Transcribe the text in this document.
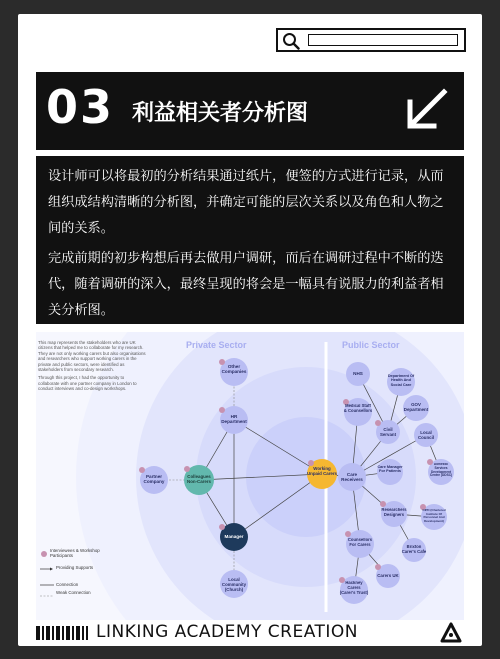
03 利益相关者分析图

设计师可以将最初的分析结果通过纸片，便签的方式进行记录，从而组织成结构清晰的分析图，并确定可能的层次关系以及角色和人物之间的关系。

完成前期的初步构想后再去做用户调研，而后在调研过程中不断的迭代，随着调研的深入，最终呈现的将会是一幅具有说服力的利益者相关分析图。

This map represents the stakeholders who are UK citizens that helped me to collaborate for my research. They are not only working carers but also organisations and researchers who support working carers in the private and public sectors, were identified as stakeholders from secondary research.
Through this project, I had the opportunity to collaborate with one partner company in London to conduct interviews and co-design workshops.
Private Sector	Public Sector
Other Companies
HR Department
Partner Company
Colleagues Non-Carers
Manager
Local Community (Church)
Working Unpaid Carers	Care Receivers
NHS	Department Of Health And Social Care
Medical Staff & Counsellors
GOV Department
Civil Servant	Local Council
Care Manager For Patients
Domestic Services Development Centre (DDSC)
Researchers Designers
CIPD (Chartered Institute Of Personnel And Development)
Counsellors For Carers	Brixton Carer's Cafe
Carers UK
Hackney Carers (Carer's Trust)
Interviewees & Workshop Participants
Providing Supports
Connection
Weak Connection
LINKING ACADEMY CREATION
